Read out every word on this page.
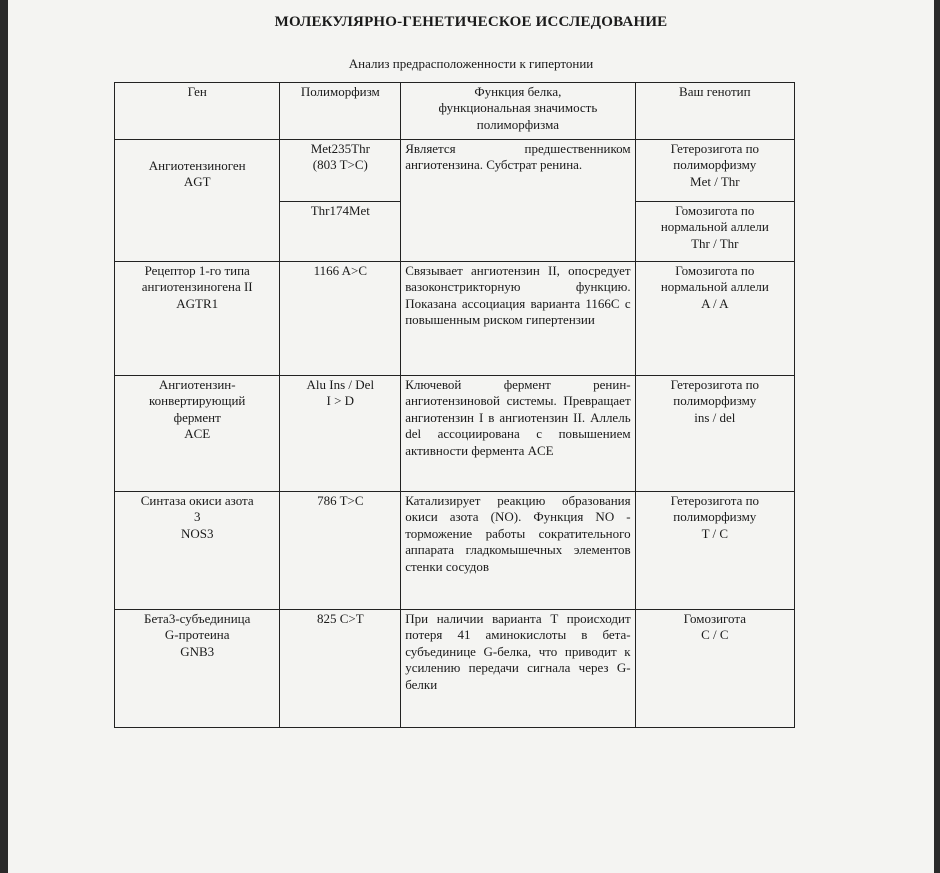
МОЛЕКУЛЯРНО-ГЕНЕТИЧЕСКОЕ ИССЛЕДОВАНИЕ
Анализ предрасположенности к гипертонии
Ген	Полиморфизм	Функция белка,
функциональная значимость
полиморфизма	Ваш генотип
Ангиотензиноген
AGT	Met235Thr
(803 T>C)	Является предшественником ангиотензина. Субстрат ренина.	Гетерозигота по
полиморфизму
Met / Thr
	Thr174Met		Гомозигота по
нормальной аллели
Thr / Thr
Рецептор 1-го типа
ангиотензиногена II
AGTR1	1166 A>C	Связывает ангиотензин II, опосредует вазоконстрикторную функцию. Показана ассоциация варианта 1166С с повышенным риском гипертензии	Гомозигота по
нормальной аллели
A / A
Ангиотензин-
конвертирующий
фермент
ACE	Alu Ins / Del
I > D	Ключевой фермент ренин-ангиотензиновой системы. Превращает ангиотензин I в ангиотензин II. Аллель del ассоциирована с повышением активности фермента ACE	Гетерозигота по
полиморфизму
ins / del
Синтаза окиси азота
3
NOS3	786 T>C	Катализирует реакцию образования окиси азота (NO). Функция NO - торможение работы сократительного аппарата гладкомышечных элементов стенки сосудов	Гетерозигота по
полиморфизму
T / C
Бета3-субъединица
G-протеина
GNB3	825 C>T	При наличии варианта T происходит потеря 41 аминокислоты в бета-субъединице G-белка, что приводит к усилению передачи сигнала через G-белки	Гомозигота
C / C
